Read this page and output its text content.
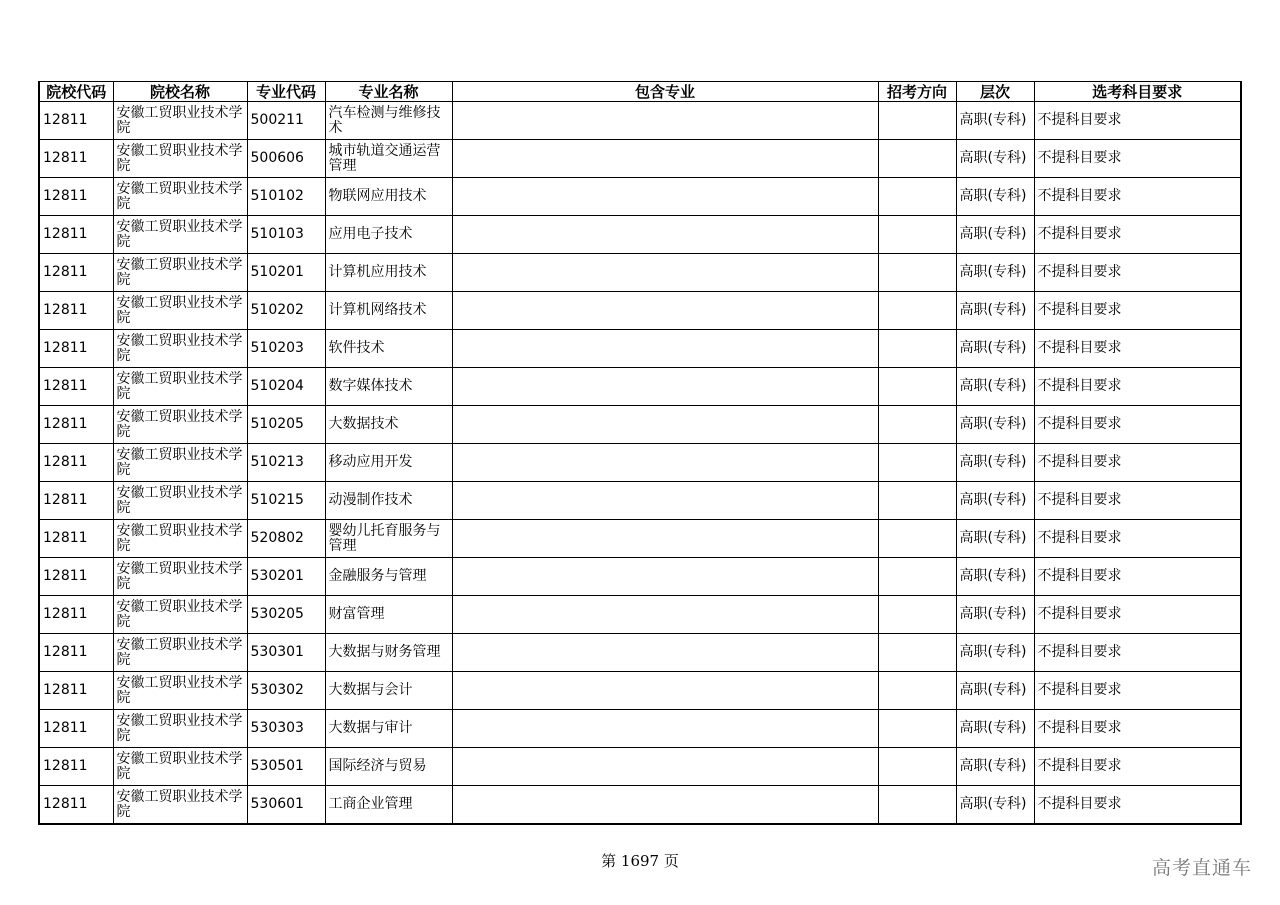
院校代码	院校名称	专业代码	专业名称	包含专业	招考方向	层次	选考科目要求
12811	安徽工贸职业技术学院	500211	汽车检测与维修技术			高职(专科)	不提科目要求
12811	安徽工贸职业技术学院	500606	城市轨道交通运营管理			高职(专科)	不提科目要求
12811	安徽工贸职业技术学院	510102	物联网应用技术			高职(专科)	不提科目要求
12811	安徽工贸职业技术学院	510103	应用电子技术			高职(专科)	不提科目要求
12811	安徽工贸职业技术学院	510201	计算机应用技术			高职(专科)	不提科目要求
12811	安徽工贸职业技术学院	510202	计算机网络技术			高职(专科)	不提科目要求
12811	安徽工贸职业技术学院	510203	软件技术			高职(专科)	不提科目要求
12811	安徽工贸职业技术学院	510204	数字媒体技术			高职(专科)	不提科目要求
12811	安徽工贸职业技术学院	510205	大数据技术			高职(专科)	不提科目要求
12811	安徽工贸职业技术学院	510213	移动应用开发			高职(专科)	不提科目要求
12811	安徽工贸职业技术学院	510215	动漫制作技术			高职(专科)	不提科目要求
12811	安徽工贸职业技术学院	520802	婴幼儿托育服务与管理			高职(专科)	不提科目要求
12811	安徽工贸职业技术学院	530201	金融服务与管理			高职(专科)	不提科目要求
12811	安徽工贸职业技术学院	530205	财富管理			高职(专科)	不提科目要求
12811	安徽工贸职业技术学院	530301	大数据与财务管理			高职(专科)	不提科目要求
12811	安徽工贸职业技术学院	530302	大数据与会计			高职(专科)	不提科目要求
12811	安徽工贸职业技术学院	530303	大数据与审计			高职(专科)	不提科目要求
12811	安徽工贸职业技术学院	530501	国际经济与贸易			高职(专科)	不提科目要求
12811	安徽工贸职业技术学院	530601	工商企业管理			高职(专科)	不提科目要求
第 1697 页	高考直通车
